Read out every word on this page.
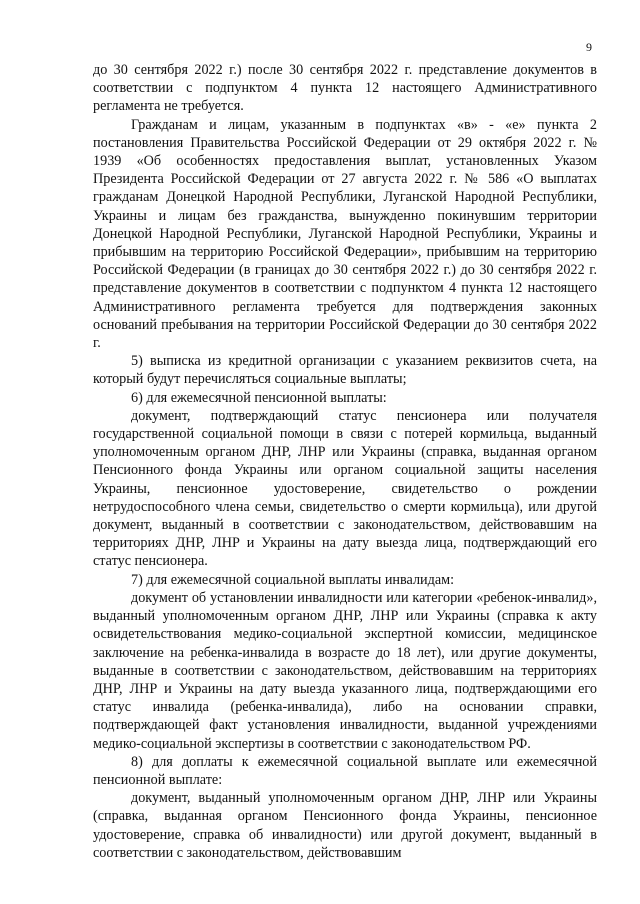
9

до 30 сентября 2022 г.) после 30 сентября 2022 г. представление документов в соответствии с подпунктом 4 пункта 12 настоящего Административного регламента не требуется.

Гражданам и лицам, указанным в подпунктах «в» - «е» пункта 2 постановления Правительства Российской Федерации от 29 октября 2022 г. № 1939 «Об особенностях предоставления выплат, установленных Указом Президента Российской Федерации от 27 августа 2022 г. № 586 «О выплатах гражданам Донецкой Народной Республики, Луганской Народной Республики, Украины и лицам без гражданства, вынужденно покинувшим территории Донецкой Народной Республики, Луганской Народной Республики, Украины и прибывшим на территорию Российской Федерации», прибывшим на территорию Российской Федерации (в границах до 30 сентября 2022 г.) до 30 сентября 2022 г. представление документов в соответствии с подпунктом 4 пункта 12 настоящего Административного регламента требуется для подтверждения законных оснований пребывания на территории Российской Федерации до 30 сентября 2022 г.

5) выписка из кредитной организации с указанием реквизитов счета, на который будут перечисляться социальные выплаты;

6) для ежемесячной пенсионной выплаты:

документ, подтверждающий статус пенсионера или получателя государственной социальной помощи в связи с потерей кормильца, выданный уполномоченным органом ДНР, ЛНР или Украины (справка, выданная органом Пенсионного фонда Украины или органом социальной защиты населения Украины, пенсионное удостоверение, свидетельство о рождении нетрудоспособного члена семьи, свидетельство о смерти кормильца), или другой документ, выданный в соответствии с законодательством, действовавшим на территориях ДНР, ЛНР и Украины на дату выезда лица, подтверждающий его статус пенсионера.

7) для ежемесячной социальной выплаты инвалидам:

документ об установлении инвалидности или категории «ребенок-инвалид», выданный уполномоченным органом ДНР, ЛНР или Украины (справка к акту освидетельствования медико-социальной экспертной комиссии, медицинское заключение на ребенка-инвалида в возрасте до 18 лет), или другие документы, выданные в соответствии с законодательством, действовавшим на территориях ДНР, ЛНР и Украины на дату выезда указанного лица, подтверждающими его статус инвалида (ребенка-инвалида), либо на основании справки, подтверждающей факт установления инвалидности, выданной учреждениями медико-социальной экспертизы в соответствии с законодательством РФ.

8) для доплаты к ежемесячной социальной выплате или ежемесячной пенсионной выплате:

документ, выданный уполномоченным органом ДНР, ЛНР или Украины (справка, выданная органом Пенсионного фонда Украины, пенсионное удостоверение, справка об инвалидности) или другой документ, выданный в соответствии с законодательством, действовавшим
